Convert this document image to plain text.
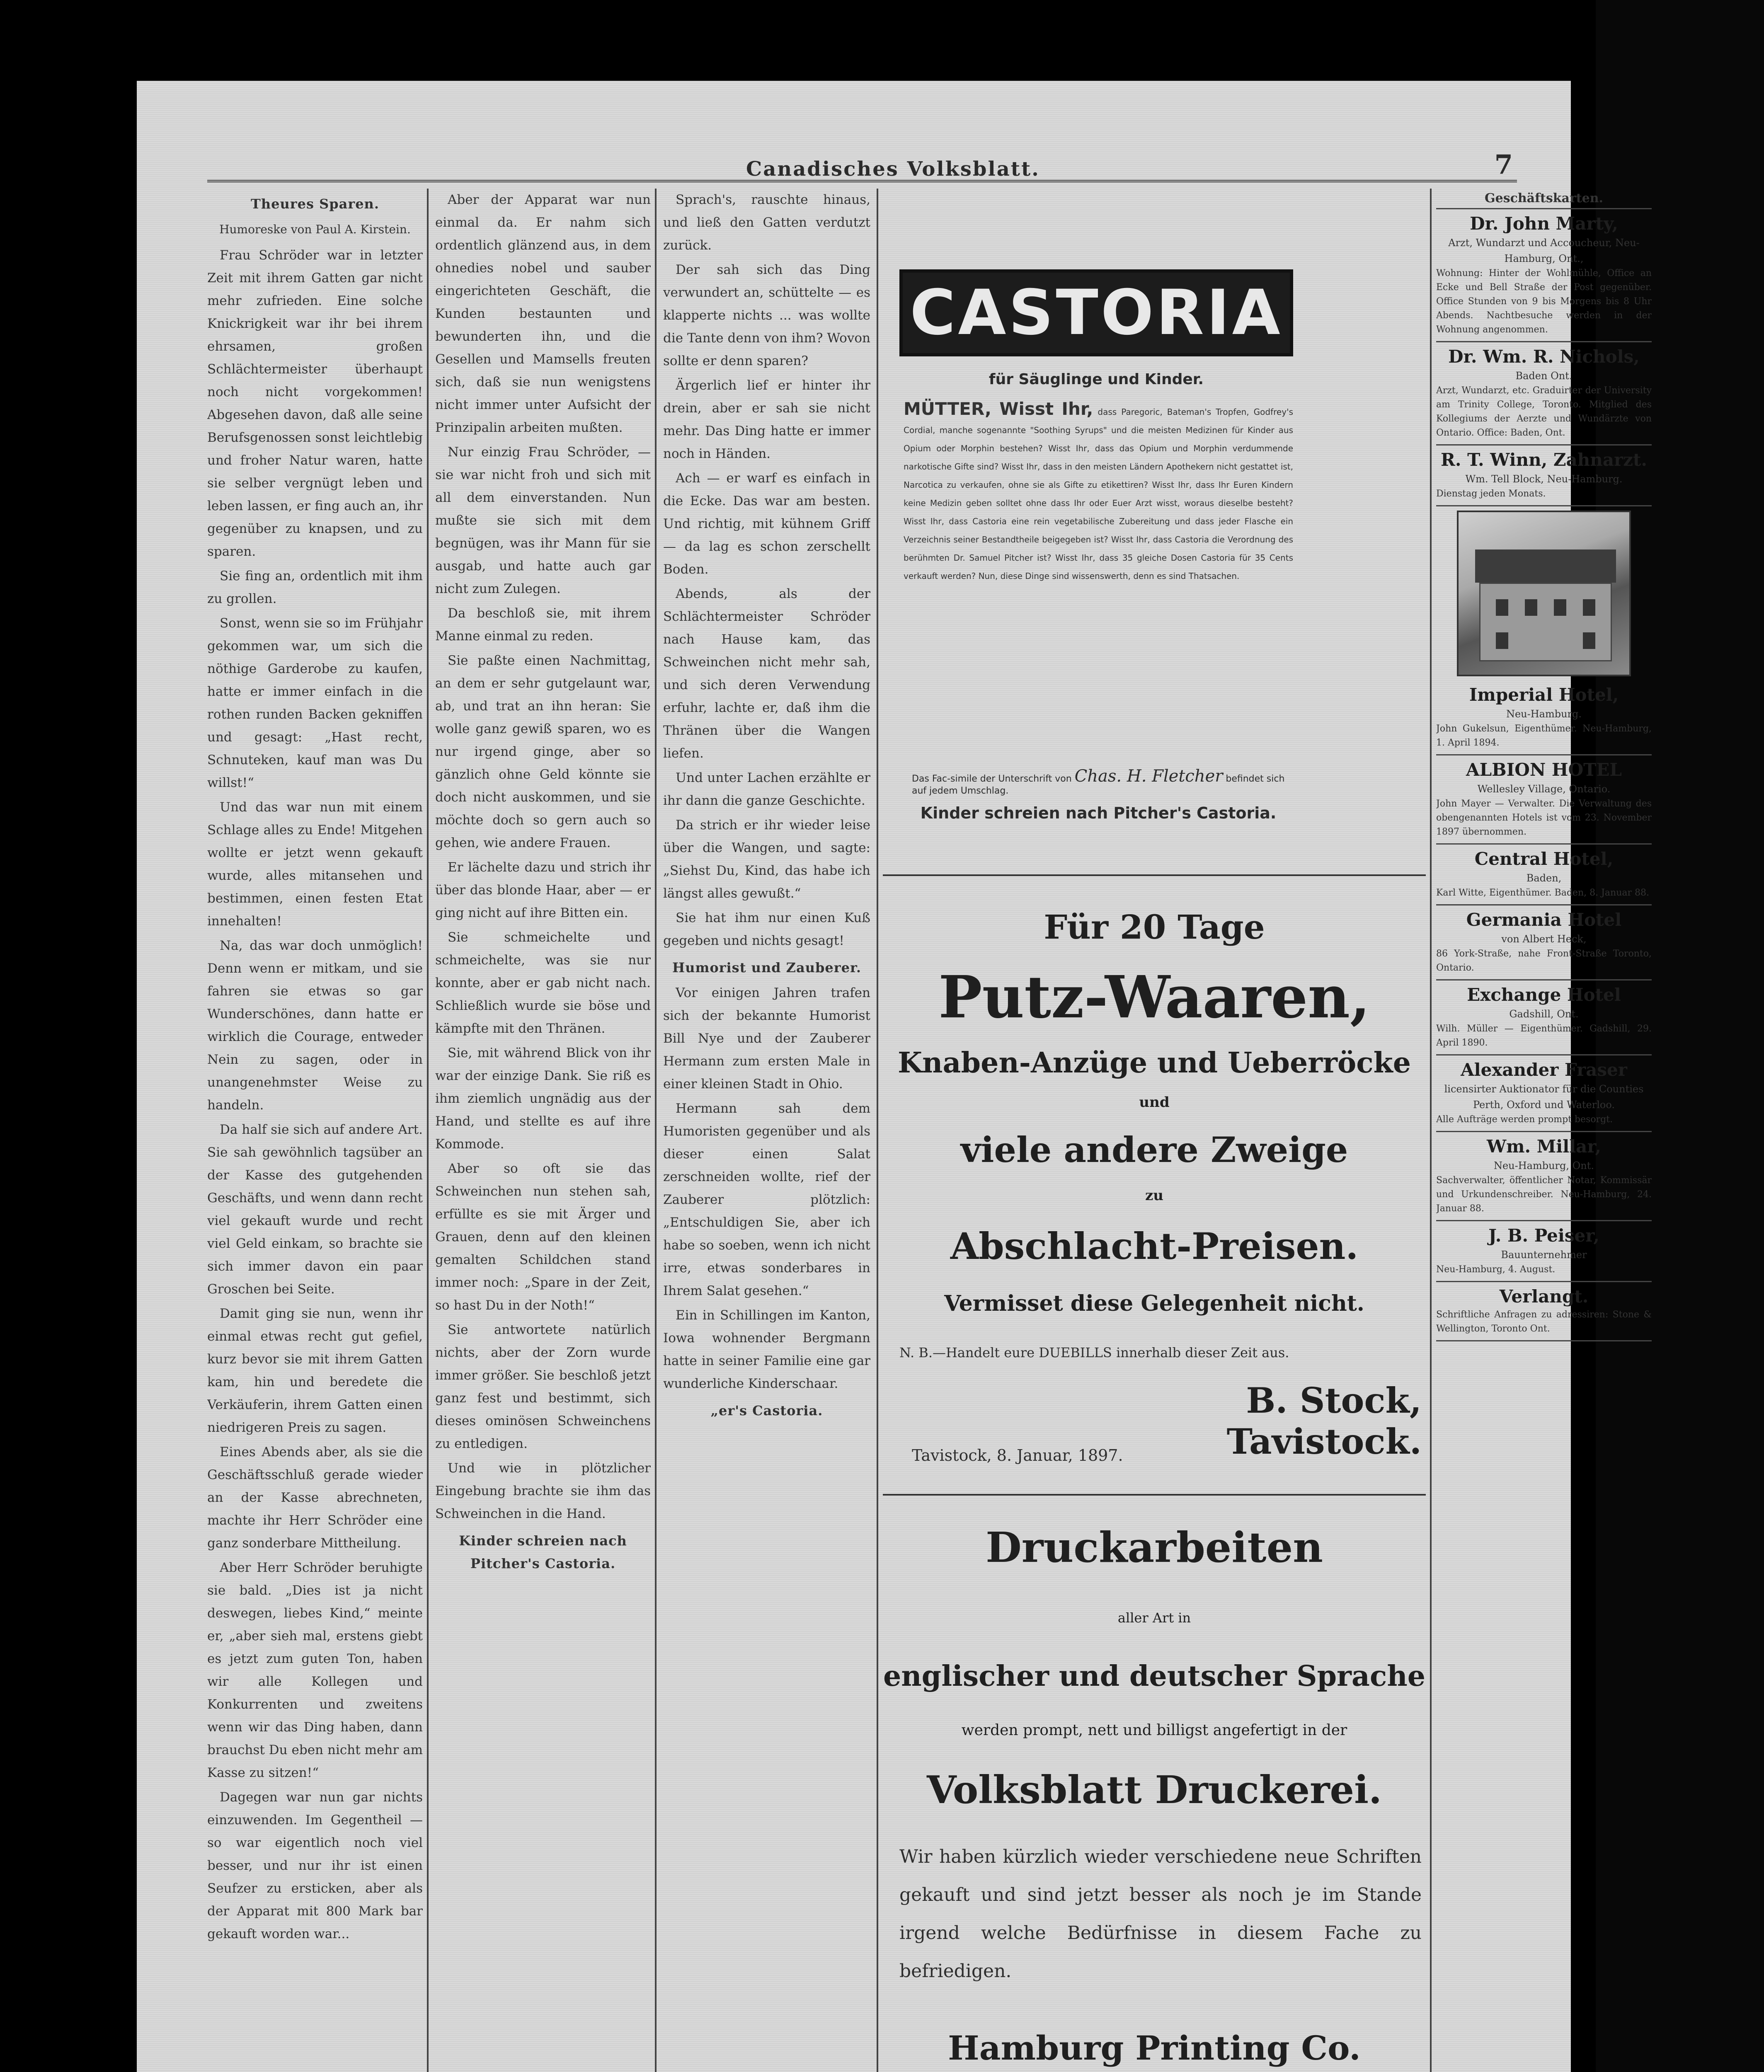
Canadisches Volksblatt.	7
Theures Sparen.
Humoreske von Paul A. Kirstein.

Frau Schröder war in letzter Zeit mit ihrem Gatten gar nicht mehr zufrieden. Eine solche Knickrigkeit war ihr bei ihrem ehrsamen, großen Schlächtermeister überhaupt noch nicht vorgekommen! Abgesehen davon, daß alle seine Berufsgenossen sonst leichtlebig und froher Natur waren, hatte sie selber vergnügt leben und leben lassen, er fing auch an, ihr gegenüber zu knapsen, und zu sparen.

Sie fing an, ordentlich mit ihm zu grollen.

Sonst, wenn sie so im Frühjahr gekommen war, um sich die nöthige Garderobe zu kaufen, hatte er immer einfach in die rothen runden Backen gekniffen und gesagt: „Hast recht, Schnuteken, kauf man was Du willst!“

Und das war nun mit einem Schlage alles zu Ende! Mitgehen wollte er jetzt wenn gekauft wurde, alles mitansehen und bestimmen, einen festen Etat innehalten!

Na, das war doch unmöglich! Denn wenn er mitkam, und sie fahren sie etwas so gar Wunderschönes, dann hatte er wirklich die Courage, entweder Nein zu sagen, oder in unangenehmster Weise zu handeln.

Da half sie sich auf andere Art. Sie sah gewöhnlich tagsüber an der Kasse des gutgehenden Geschäfts, und wenn dann recht viel gekauft wurde und recht viel Geld einkam, so brachte sie sich immer davon ein paar Groschen bei Seite.

Damit ging sie nun, wenn ihr einmal etwas recht gut gefiel, kurz bevor sie mit ihrem Gatten kam, hin und beredete die Verkäuferin, ihrem Gatten einen niedrigeren Preis zu sagen.

Eines Abends aber, als sie die Geschäftsschluß gerade wieder an der Kasse abrechneten, machte ihr Herr Schröder eine ganz sonderbare Mittheilung.

Aber Herr Schröder beruhigte sie bald. „Dies ist ja nicht deswegen, liebes Kind,“ meinte er, „aber sieh mal, erstens giebt es jetzt zum guten Ton, haben wir alle Kollegen und Konkurrenten und zweitens wenn wir das Ding haben, dann brauchst Du eben nicht mehr am Kasse zu sitzen!“

Dagegen war nun gar nichts einzuwenden. Im Gegentheil — so war eigentlich noch viel besser, und nur ihr ist einen Seufzer zu ersticken, aber als der Apparat mit 800 Mark bar gekauft worden war...

Aber der Apparat war nun einmal da. Er nahm sich ordentlich glänzend aus, in dem ohnedies nobel und sauber eingerichteten Geschäft, die Kunden bestaunten und bewunderten ihn, und die Gesellen und Mamsells freuten sich, daß sie nun wenigstens nicht immer unter Aufsicht der Prinzipalin arbeiten mußten.

Nur einzig Frau Schröder, — sie war nicht froh und sich mit all dem einverstanden. Nun mußte sie sich mit dem begnügen, was ihr Mann für sie ausgab, und hatte auch gar nicht zum Zulegen.

Da beschloß sie, mit ihrem Manne einmal zu reden.

Sie paßte einen Nachmittag, an dem er sehr gutgelaunt war, ab, und trat an ihn heran: Sie wolle ganz gewiß sparen, wo es nur irgend ginge, aber so gänzlich ohne Geld könnte sie doch nicht auskommen, und sie möchte doch so gern auch so gehen, wie andere Frauen.

Er lächelte dazu und strich ihr über das blonde Haar, aber — er ging nicht auf ihre Bitten ein.

Sie schmeichelte und schmeichelte, was sie nur konnte, aber er gab nicht nach. Schließlich wurde sie böse und kämpfte mit den Thränen.

Sie, mit während Blick von ihr war der einzige Dank. Sie riß es ihm ziemlich ungnädig aus der Hand, und stellte es auf ihre Kommode.

Aber so oft sie das Schweinchen nun stehen sah, erfüllte es sie mit Ärger und Grauen, denn auf den kleinen gemalten Schildchen stand immer noch: „Spare in der Zeit, so hast Du in der Noth!“

Sie antwortete natürlich nichts, aber der Zorn wurde immer größer. Sie beschloß jetzt ganz fest und bestimmt, sich dieses ominösen Schweinchens zu entledigen.

Und wie in plötzlicher Eingebung brachte sie ihm das Schweinchen in die Hand.

Kinder schreien nach Pitcher's Castoria.

Sprach's, rauschte hinaus, und ließ den Gatten verdutzt zurück.

Der sah sich das Ding verwundert an, schüttelte — es klapperte nichts ... was wollte die Tante denn von ihm? Wovon sollte er denn sparen?

Ärgerlich lief er hinter ihr drein, aber er sah sie nicht mehr. Das Ding hatte er immer noch in Händen.

Ach — er warf es einfach in die Ecke. Das war am besten. Und richtig, mit kühnem Griff — da lag es schon zerschellt Boden.

Abends, als der Schlächtermeister Schröder nach Hause kam, das Schweinchen nicht mehr sah, und sich deren Verwendung erfuhr, lachte er, daß ihm die Thränen über die Wangen liefen.

Und unter Lachen erzählte er ihr dann die ganze Geschichte.

Da strich er ihr wieder leise über die Wangen, und sagte: „Siehst Du, Kind, das habe ich längst alles gewußt.“

Sie hat ihm nur einen Kuß gegeben und nichts gesagt!

Humorist und Zauberer.

Vor einigen Jahren trafen sich der bekannte Humorist Bill Nye und der Zauberer Hermann zum ersten Male in einer kleinen Stadt in Ohio.

Hermann sah dem Humoristen gegenüber und als dieser einen Salat zerschneiden wollte, rief der Zauberer plötzlich: „Entschuldigen Sie, aber ich habe so soeben, wenn ich nicht irre, etwas sonderbares in Ihrem Salat gesehen.“

Ein in Schillingen im Kanton, Iowa wohnender Bergmann hatte in seiner Familie eine gar wunderliche Kinderschaar.

„er's Castoria.
CASTORIA
für Säuglinge und Kinder.
MÜTTER, Wisst Ihr, dass Paregoric, Bateman's Tropfen, Godfrey's Cordial, manche sogenannte "Soothing Syrups" und die meisten Medizinen für Kinder aus Opium oder Morphin bestehen? Wisst Ihr, dass das Opium und Morphin verdummende narkotische Gifte sind? Wisst Ihr, dass in den meisten Ländern Apothekern nicht gestattet ist, Narcotica zu verkaufen, ohne sie als Gifte zu etikettiren? Wisst Ihr, dass Ihr Euren Kindern keine Medizin geben solltet ohne dass Ihr oder Euer Arzt wisst, woraus dieselbe besteht? Wisst Ihr, dass Castoria eine rein vegetabilische Zubereitung und dass jeder Flasche ein Verzeichnis seiner Bestandtheile beigegeben ist? Wisst Ihr, dass Castoria die Verordnung des berühmten Dr. Samuel Pitcher ist? Wisst Ihr, dass 35 gleiche Dosen Castoria für 35 Cents verkauft werden? Nun, diese Dinge sind wissenswerth, denn es sind Thatsachen.
Das Fac-simile der Unterschrift von Chas. H. Fletcher befindet sich auf jedem Umschlag.
Kinder schreien nach Pitcher's Castoria.
Für 20 Tage
Putz-Waaren,
Knaben-Anzüge und Ueberröcke
und
viele andere Zweige
zu
Abschlacht-Preisen.
Vermisset diese Gelegenheit nicht.
N. B.—Handelt eure DUEBILLS innerhalb dieser Zeit aus.
B. Stock, Tavistock.
Tavistock, 8. Januar, 1897.
Druckarbeiten
aller Art in
englischer und deutscher Sprache
werden prompt, nett und billigst angefertigt in der
Volksblatt Druckerei.
Wir haben kürzlich wieder verschiedene neue Schriften gekauft und sind jetzt besser als noch je im Stande irgend welche Bedürfnisse in diesem Fache zu befriedigen.
Hamburg Printing Co.
Geschäftskarten.
Dr. John Marty,
Arzt, Wundarzt und Accoucheur, Neu-Hamburg, Ont.,
Wohnung: Hinter der Wohlmühle, Office an Ecke und Bell Straße der Post gegenüber. Office Stunden von 9 bis Morgens bis 8 Uhr Abends. Nachtbesuche werden in der Wohnung angenommen.
Dr. Wm. R. Nichols,
Baden Ont.
Arzt, Wundarzt, etc. Graduirter der University am Trinity College, Toronto. Mitglied des Kollegiums der Aerzte und Wundärzte von Ontario. Office: Baden, Ont.
R. T. Winn, Zahnarzt.
Wm. Tell Block, Neu-Hamburg.
Dienstag jeden Monats.
Imperial Hotel,
Neu-Hamburg.
John Gukelsun, Eigenthümer. Neu-Hamburg, 1. April 1894.
ALBION HOTEL
Wellesley Village, Ontario.
John Mayer — Verwalter. Die Verwaltung des obengenannten Hotels ist vom 23. November 1897 übernommen.
Central Hotel,
Baden,
Karl Witte, Eigenthümer. Baden, 8. Januar 88.
Germania Hotel
von Albert Heck,
86 York-Straße, nahe Front-Straße Toronto, Ontario.
Exchange Hotel
Gadshill, Ont.
Wilh. Müller — Eigenthümer. Gadshill, 29. April 1890.
Alexander Fraser
licensirter Auktionator für die Counties Perth, Oxford und Waterloo.
Alle Aufträge werden prompt besorgt.
Wm. Millar,
Neu-Hamburg, Ont.
Sachverwalter, öffentlicher Notar, Kommissär und Urkundenschreiber. Neu-Hamburg, 24. Januar 88.
J. B. Peiser,
Bauunternehmer
Neu-Hamburg, 4. August.
Verlangt.
Schriftliche Anfragen zu adressiren: Stone & Wellington, Toronto Ont.
